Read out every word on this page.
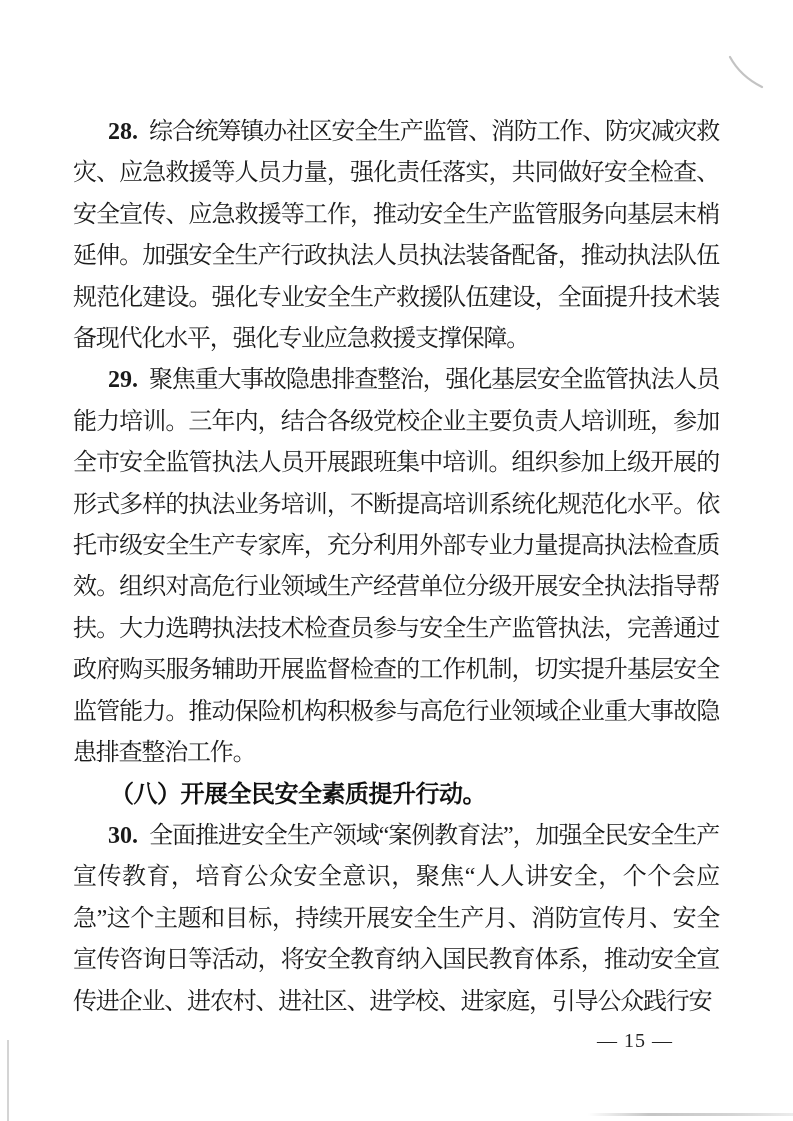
28. 综合统筹镇办社区安全生产监管、消防工作、防灾减灾救灾、应急救援等人员力量，强化责任落实，共同做好安全检查、安全宣传、应急救援等工作，推动安全生产监管服务向基层末梢延伸。加强安全生产行政执法人员执法装备配备，推动执法队伍规范化建设。强化专业安全生产救援队伍建设，全面提升技术装备现代化水平，强化专业应急救援支撑保障。

29. 聚焦重大事故隐患排查整治，强化基层安全监管执法人员能力培训。三年内，结合各级党校企业主要负责人培训班，参加全市安全监管执法人员开展跟班集中培训。组织参加上级开展的形式多样的执法业务培训，不断提高培训系统化规范化水平。依托市级安全生产专家库，充分利用外部专业力量提高执法检查质效。组织对高危行业领域生产经营单位分级开展安全执法指导帮扶。大力选聘执法技术检查员参与安全生产监管执法，完善通过政府购买服务辅助开展监督检查的工作机制，切实提升基层安全监管能力。推动保险机构积极参与高危行业领域企业重大事故隐患排查整治工作。

（八）开展全民安全素质提升行动。

30. 全面推进安全生产领域“案例教育法”，加强全民安全生产宣传教育，培育公众安全意识，聚焦“人人讲安全，个个会应急”这个主题和目标，持续开展安全生产月、消防宣传月、安全宣传咨询日等活动，将安全教育纳入国民教育体系，推动安全宣传进企业、进农村、进社区、进学校、进家庭，引导公众践行安

— 15 —
